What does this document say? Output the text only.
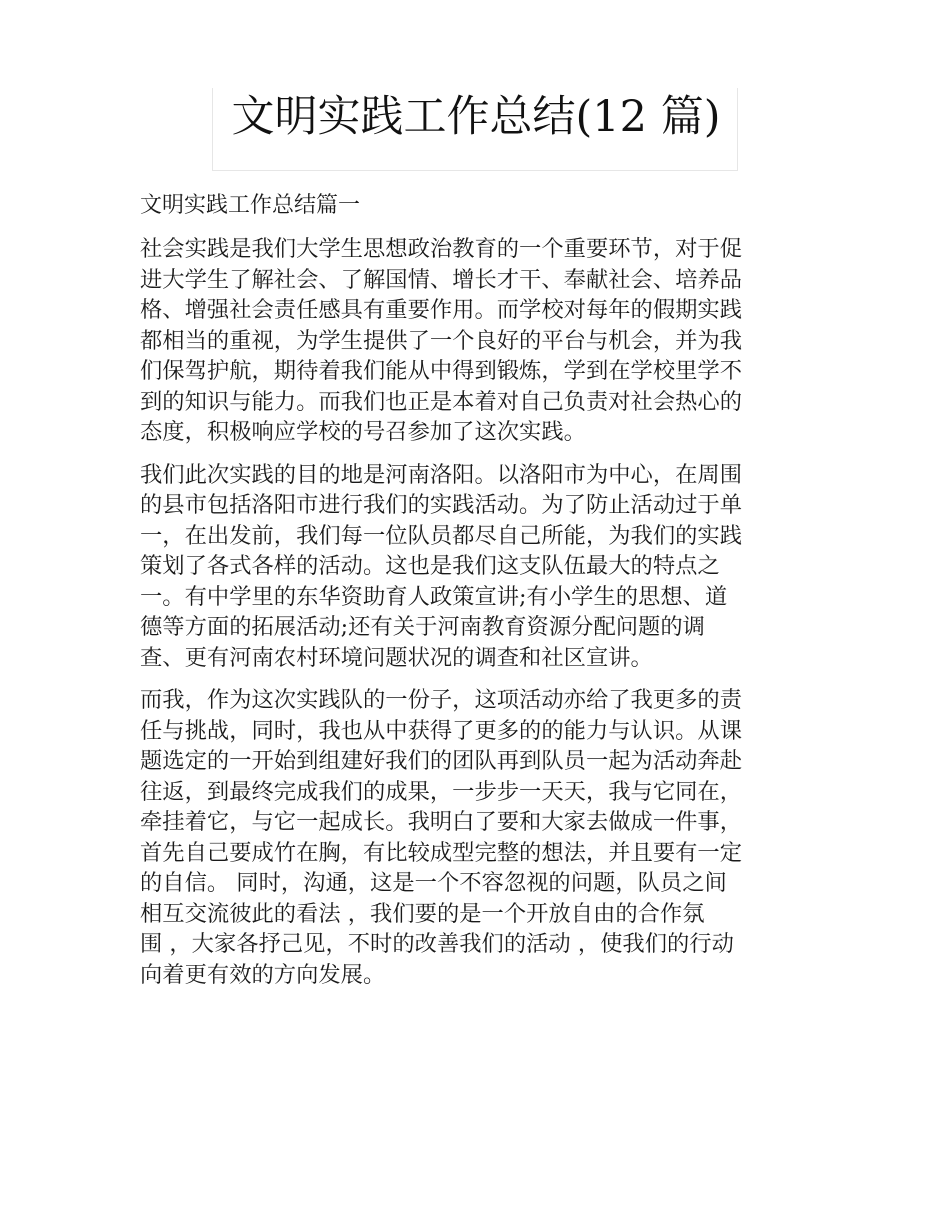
文明实践工作总结(12 篇)
文明实践工作总结篇一
社会实践是我们大学生思想政治教育的一个重要环节，对于促
进大学生了解社会、了解国情、增长才干、奉献社会、培养品
格、增强社会责任感具有重要作用。而学校对每年的假期实践
都相当的重视，为学生提供了一个良好的平台与机会，并为我
们保驾护航，期待着我们能从中得到锻炼，学到在学校里学不
到的知识与能力。而我们也正是本着对自己负责对社会热心的
态度，积极响应学校的号召参加了这次实践。
我们此次实践的目的地是河南洛阳。以洛阳市为中心，在周围
的县市包括洛阳市进行我们的实践活动。为了防止活动过于单
一，在出发前，我们每一位队员都尽自己所能，为我们的实践
策划了各式各样的活动。这也是我们这支队伍最大的特点之
一。有中学里的东华资助育人政策宣讲;有小学生的思想、道
德等方面的拓展活动;还有关于河南教育资源分配问题的调
查、更有河南农村环境问题状况的调查和社区宣讲。
而我，作为这次实践队的一份子，这项活动亦给了我更多的责
任与挑战，同时，我也从中获得了更多的的能力与认识。从课
题选定的一开始到组建好我们的团队再到队员一起为活动奔赴
往返，到最终完成我们的成果，一步步一天天，我与它同在，
牵挂着它，与它一起成长。我明白了要和大家去做成一件事，
首先自己要成竹在胸，有比较成型完整的想法，并且要有一定
的自信。 同时，沟通，这是一个不容忽视的问题，队员之间
相互交流彼此的看法 ，我们要的是一个开放自由的合作氛
围 ，大家各抒己见，不时的改善我们的活动 ，使我们的行动
向着更有效的方向发展。
